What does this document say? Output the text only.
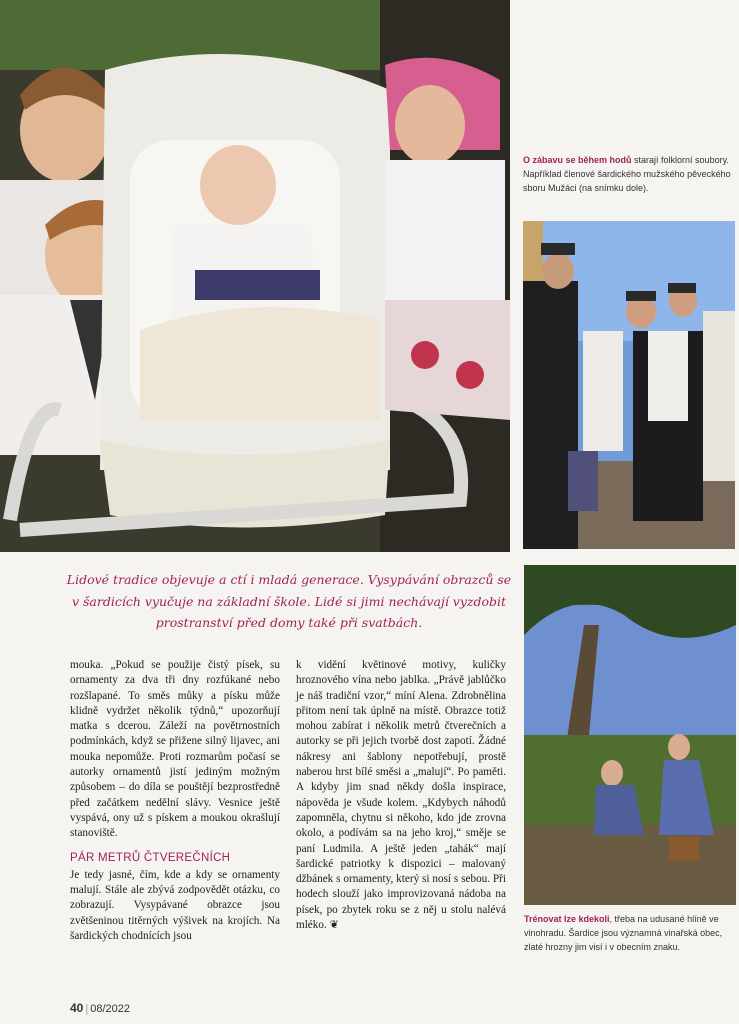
O zábavu se během hodů starají folklorní soubory. Například členové šardického mužského pěveckého sboru Mužáci (na snímku dole).
Lidové tradice objevuje a ctí i mladá generace. Vysypávání obrazců se v šardicích vyučuje na základní škole. Lidé si jimi nechávají vyzdobit prostranství před domy také při svatbách.

mouka. „Pokud se použije čistý písek, su ornamenty za dva tři dny rozfúkané nebo rozšlapané. To směs můky a písku může klidně vydržet několik týdnů,“ upozorňují matka s dcerou. Záleží na povětrnostních podmínkách, když se přižene silný lijavec, ani mouka nepomůže. Proti rozmarům počasí se autorky ornamentů jistí jediným možným způsobem – do díla se pouštějí bezprostředně před začátkem nedělní slávy. Vesnice ještě vyspává, ony už s pískem a moukou okrašlují stanoviště.

PÁR METRŮ ČTVEREČNÍCH

Je tedy jasné, čím, kde a kdy se ornamenty malují. Stále ale zbývá zodpovědět otázku, co zobrazují. Vysypávané obrazce jsou zvětšeninou titěrných výšivek na krojích. Na šardických chodnících jsou

k vidění květinové motivy, kuličky hroznového vína nebo jablka. „Právě jablůčko je náš tradiční vzor,“ míní Alena. Zdrobnělina přitom není tak úplně na místě. Obrazce totiž mohou zabírat i několik metrů čtverečních a autorky se při jejich tvorbě dost zapotí. Žádné nákresy ani šablony nepotřebují, prostě naberou hrst bílé směsi a „malují“. Po paměti. A kdyby jim snad někdy došla inspirace, nápověda je všude kolem. „Kdybych náhodů zapomněla, chytnu si někoho, kdo jde zrovna okolo, a podívám sa na jeho kroj,“ směje se paní Ludmila. A ještě jeden „tahák“ mají šardické patriotky k dispozici – malovaný džbánek s ornamenty, který si nosí s sebou. Při hodech slouží jako improvizovaná nádoba na písek, po zbytek roku se z něj u stolu nalévá mléko. ❦

Trénovat lze kdekoli, třeba na udusané hlíně ve vinohradu. Šardice jsou významná vinařská obec, zlaté hrozny jim visí i v obecním znaku.
40 | 08/2022
